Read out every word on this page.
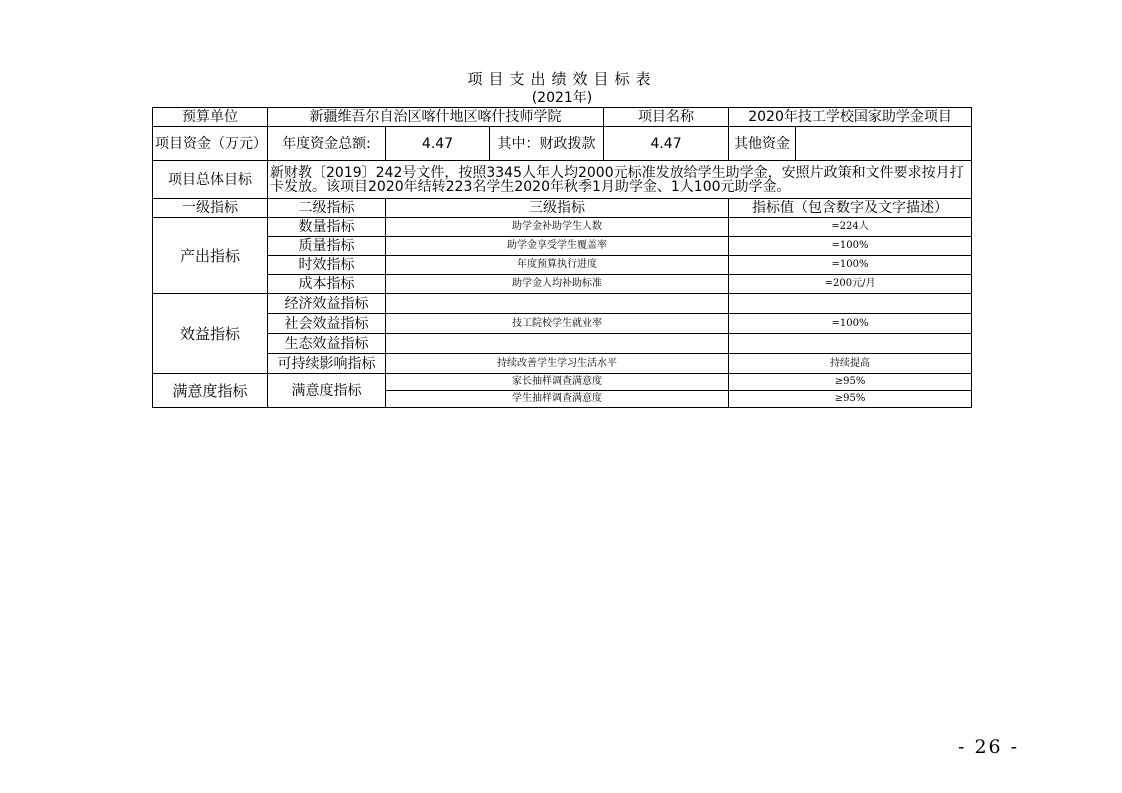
项目支出绩效目标表
(2021年)
预算单位	新疆维吾尔自治区喀什地区喀什技师学院			项目名称	2020年技工学校国家助学金项目	
项目资金（万元）	年度资金总额:	4.47	其中：财政拨款	4.47	其他资金	
项目总体目标	新财教〔2019〕242号文件，按照3345人年人均2000元标准发放给学生助学金，安照片政策和文件要求按月打卡发放。该项目2020年结转223名学生2020年秋季1月助学金、1人100元助学金。					
一级指标	二级指标	三级指标			指标值（包含数字及文字描述）	
产出指标	数量指标	助学金补助学生人数			=224人	
	质量指标	助学金享受学生覆盖率			=100%	
	时效指标	年度预算执行进度			=100%	
	成本指标	助学金人均补助标准			=200元/月	
效益指标	经济效益指标					
	社会效益指标	技工院校学生就业率			=100%	
	生态效益指标					
	可持续影响指标	持续改善学生学习生活水平			持续提高	
满意度指标	满意度指标	家长抽样调查满意度			≥95%	
		学生抽样调查满意度			≥95%	
- 26 -
